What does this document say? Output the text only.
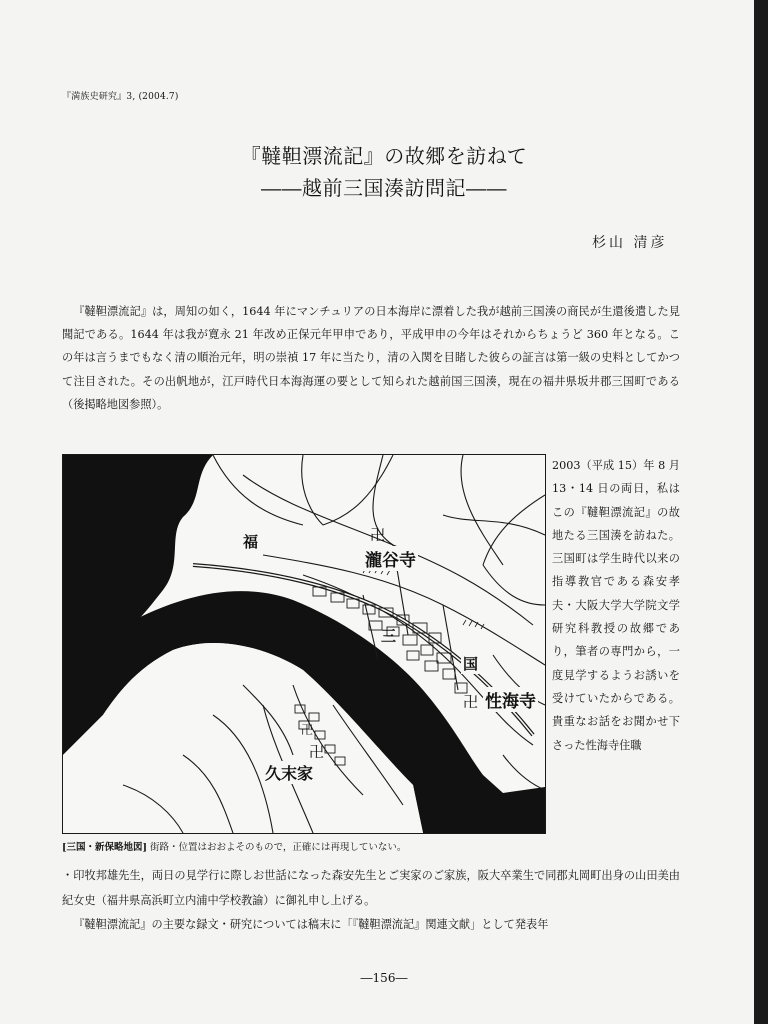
『満族史研究』3, (2004.7)
『韃靼漂流記』の故郷を訪ねて
――越前三国湊訪問記――
杉山 清彦

『韃靼漂流記』は，周知の如く，1644 年にマンチュリアの日本海岸に漂着した我が越前三国湊の商民が生還後遣した見聞記である。1644 年は我が寛永 21 年改め正保元年甲申であり，平成甲申の今年はそれからちょうど 360 年となる。この年は言うまでもなく清の順治元年，明の崇禎 17 年に当たり，清の入関を目睹した彼らの証言は第一級の史料としてかつて注目された。その出帆地が，江戸時代日本海海運の要として知られた越前国三国湊，現在の福井県坂井郡三国町である（後掲略地図参照）。

瀧谷寺
性海寺
久末家
福
国
三
卍
卍
卍
卍
[三国・新保略地図] 街路・位置はおおよそのもので，正確には再現していない。

2003（平成 15）年 8 月 13・14 日の両日，私はこの『韃靼漂流記』の故地たる三国湊を訪ねた。三国町は学生時代以来の指導教官である森安孝夫・大阪大学大学院文学研究科教授の故郷であり，筆者の専門から，一度見学するようお誘いを受けていたからである。貴重なお話をお聞かせ下さった性海寺住職

・印牧邦雄先生，両日の見学行に際しお世話になった森安先生とご実家のご家族，阪大卒業生で同郡丸岡町出身の山田美由紀女史（福井県高浜町立内浦中学校教諭）に御礼申し上げる。

『韃靼漂流記』の主要な録文・研究については稿末に「『韃靼漂流記』関連文献」として発表年

―156―
